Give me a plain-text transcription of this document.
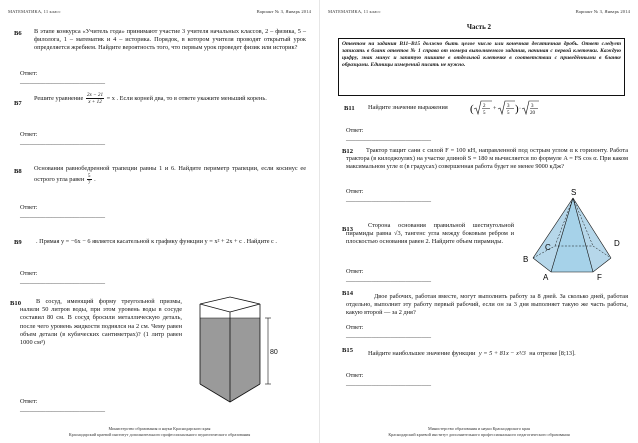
МАТЕМАТИКА, 11 класс	Вариант № 3, Январь 2014
B6 В этапе конкурса «Учитель года» принимают участие 3 учителя начальных классов, 2 – физика, 5 – филолога, 1 – математик и 4 – историка. Порядок, в котором учителя проводят открытый урок определяется жребием. Найдите вероятность того, что первым урок проведет физик или историк?
Ответ: ___________________________
B7
Решите уравнение $\frac{2x - 21}{x + 12} = x$ . Если корней два, то в ответе укажите меньший корень.
Ответ: ___________________________
B8 Основания равнобедренной трапеции равны 1 и 6. Найдите периметр трапеции, если косинус ее острого угла равен $\frac{5}{7}$ .
Ответ: ___________________________
B9	. Прямая y = −6x − 6 является касательной к графику функции y = x² + 2x + c . Найдите c .
Ответ: ___________________________
B10	В сосуд, имеющий форму треугольной призмы, налили 50 литров воды, при этом уровень воды в сосуде составил 80 см. В сосуд бросили металлическую деталь, после чего уровень жидкости поднялся на 2 см. Чему равен объем детали (в кубических сантиметрах)? (1 литр равен 1000 см³)
Ответ: ___________________________
80
Министерство образования и науки Краснодарского края
Краснодарский краевой институт дополнительного профессионального педагогического образования
МАТЕМАТИКА, 11 класс	Вариант № 3, Январь 2014
Часть 2
Ответом на задания B11–B15 должно быть целое число или конечная десятичная дробь. Ответ следует записать в бланк ответов № 1 справа от номера выполняемого задания, начиная с первой клеточки. Каждую цифру, знак минус и запятую пишите в отдельной клеточке в соответствии с приведёнными в бланке образцами. Единицы измерений писать не нужно.
B11 Найдите значение выражения	( 2
5
+ 3
5 ) · 3
20
Ответ: ___________________________
B12	Трактор тащит сани с силой F = 100 кН, направленной под острым углом α к горизонту. Работа трактора (в килоджоулях) на участке длиной S = 180 м вычисляется по формуле A = FS cos α. При каком максимальном угле α (в градусах) совершенная работа будет не менее 9000 кДж?
Ответ: ___________________________
B13
Сторона основания правильной шестиугольной пирамиды равна √3, тангенс угла между боковым ребром и плоскостью основания равен 2. Найдите объем пирамиды.
Ответ: ___________________________
S
B
C	D
A	F
B14	Двое рабочих, работая вместе, могут выполнить работу за 8 дней. За сколько дней, работая отдельно, выполнит эту работу первый рабочий, если он за 3 дня выполняет такую же часть работы, какую второй — за 2 дня?
Ответ: ___________________________
B15 Найдите наибольшее значение функции y = 5 + 81x − x³/3 на отрезке [8;13].
Ответ: ___________________________
Министерство образования и науки Краснодарского края
Краснодарский краевой институт дополнительного профессионального педагогического образования
